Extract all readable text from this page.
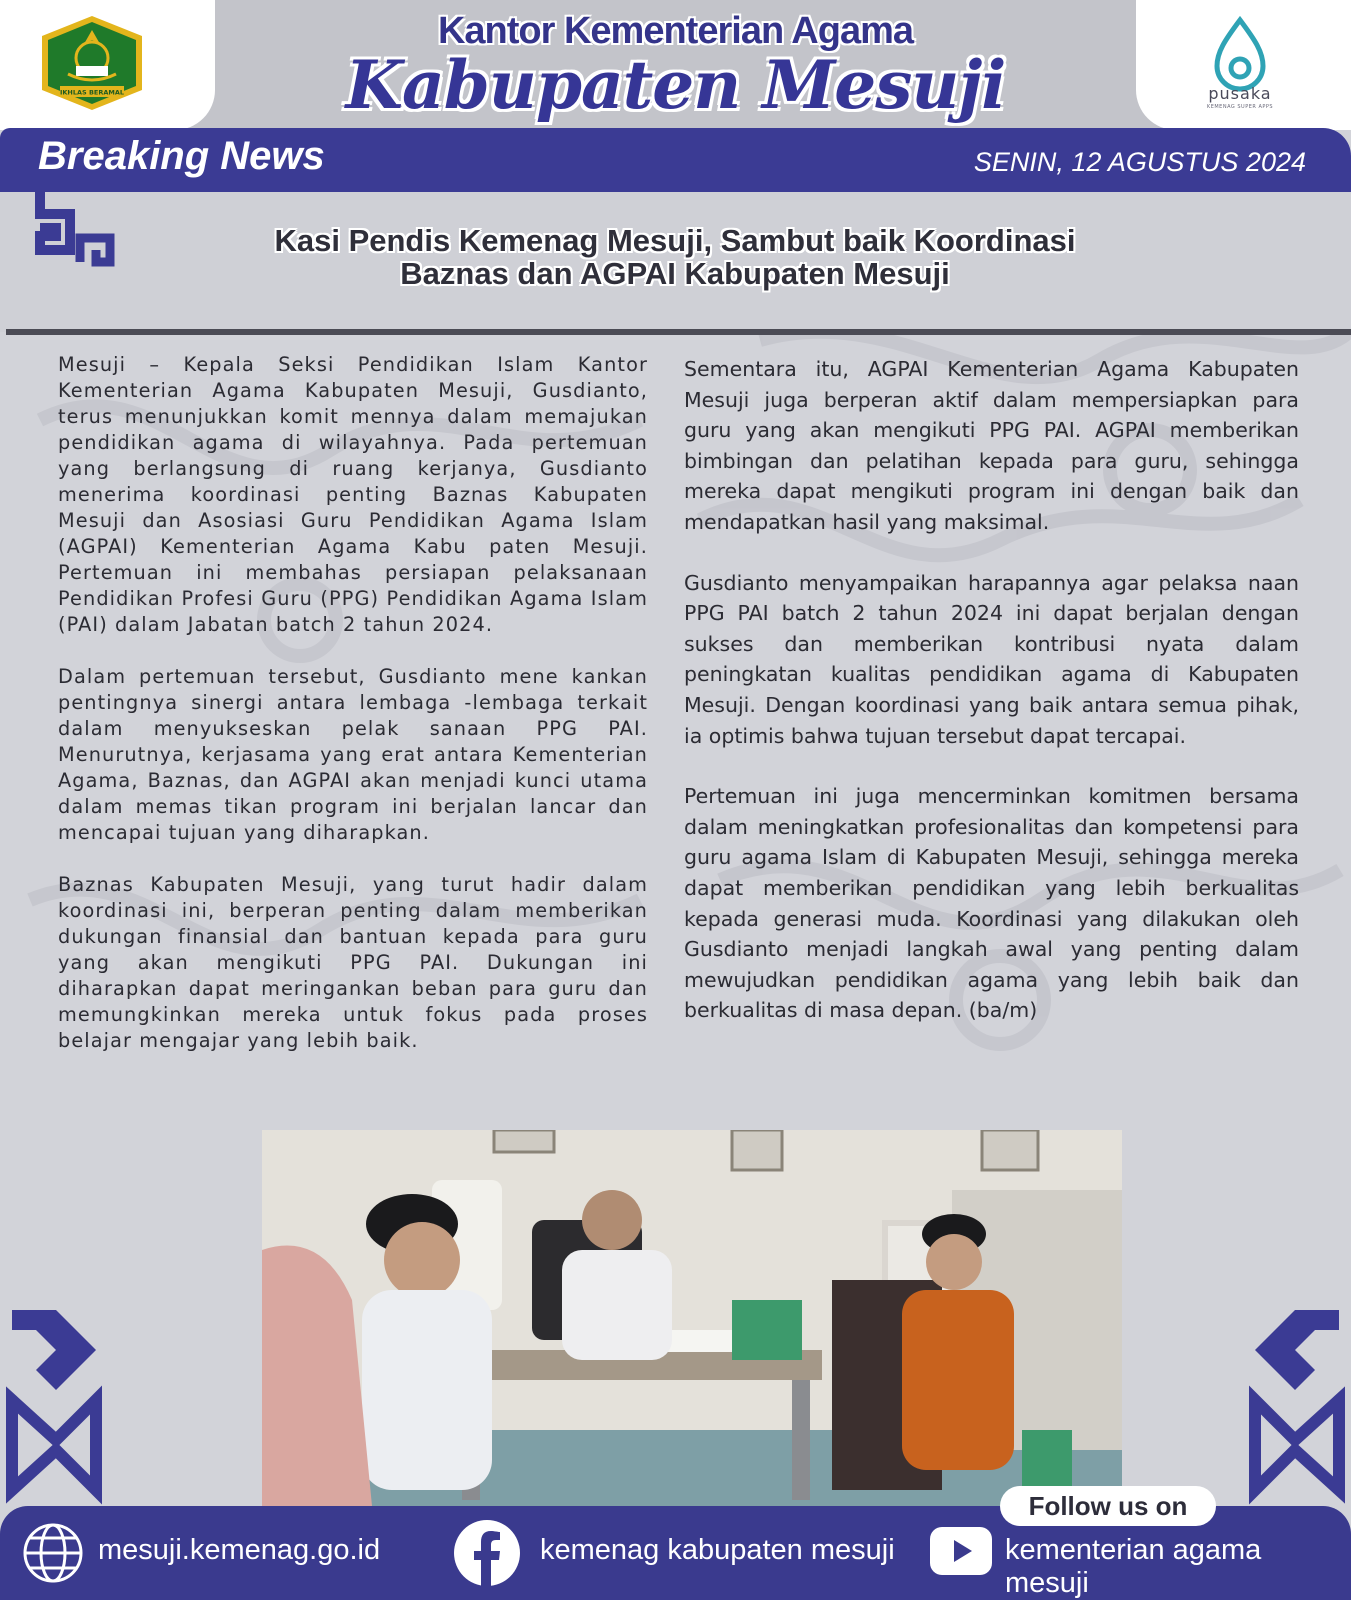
IKHLAS BERAMAL	pusaka
KEMENAG SUPER APPS
Kantor Kementerian Agama
Kabupaten Mesuji
Breaking News	SENIN, 12 AGUSTUS 2024
Kasi Pendis Kemenag Mesuji, Sambut baik Koordinasi
Baznas dan AGPAI Kabupaten Mesuji

Mesuji – Kepala Seksi Pendidikan Islam Kantor Kementerian Agama Kabupaten Mesuji, Gusdianto, terus menunjukkan komit mennya dalam memajukan pendidikan agama di wilayahnya. Pada pertemuan yang berlangsung di ruang kerjanya, Gusdianto menerima koordinasi penting Baznas Kabupaten Mesuji dan Asosiasi Guru Pendidikan Agama Islam (AGPAI) Kementerian Agama Kabu paten Mesuji. Pertemuan ini membahas persiapan pelaksanaan Pendidikan Profesi Guru (PPG) Pendidikan Agama Islam (PAI) dalam Jabatan batch 2 tahun 2024.

Dalam pertemuan tersebut, Gusdianto mene kankan pentingnya sinergi antara lembaga -lembaga terkait dalam menyukseskan pelak sanaan PPG PAI. Menurutnya, kerjasama yang erat antara Kementerian Agama, Baznas, dan AGPAI akan menjadi kunci utama dalam memas tikan program ini berjalan lancar dan mencapai tujuan yang diharapkan.

Baznas Kabupaten Mesuji, yang turut hadir dalam koordinasi ini, berperan penting dalam memberikan dukungan finansial dan bantuan kepada para guru yang akan mengikuti PPG PAI. Dukungan ini diharapkan dapat meringankan beban para guru dan memungkinkan mereka untuk fokus pada proses belajar mengajar yang lebih baik.

Sementara itu, AGPAI Kementerian Agama Kabupaten Mesuji juga berperan aktif dalam mempersiapkan para guru yang akan mengikuti PPG PAI. AGPAI memberikan bimbingan dan pelatihan kepada para guru, sehingga mereka dapat mengikuti program ini dengan baik dan mendapatkan hasil yang maksimal.

Gusdianto menyampaikan harapannya agar pelaksa naan PPG PAI batch 2 tahun 2024 ini dapat berjalan dengan sukses dan memberikan kontribusi nyata dalam peningkatan kualitas pendidikan agama di Kabupaten Mesuji. Dengan koordinasi yang baik antara semua pihak, ia optimis bahwa tujuan tersebut dapat tercapai.

Pertemuan ini juga mencerminkan komitmen bersama dalam meningkatkan profesionalitas dan kompetensi para guru agama Islam di Kabupaten Mesuji, sehingga mereka dapat memberikan pendidikan yang lebih berkualitas kepada generasi muda. Koordinasi yang dilakukan oleh Gusdianto menjadi langkah awal yang penting dalam mewujudkan pendidikan agama yang lebih baik dan berkualitas di masa depan. (ba/m)

Follow us on
mesuji.kemenag.go.id	kemenag kabupaten mesuji	kementerian agama mesuji
